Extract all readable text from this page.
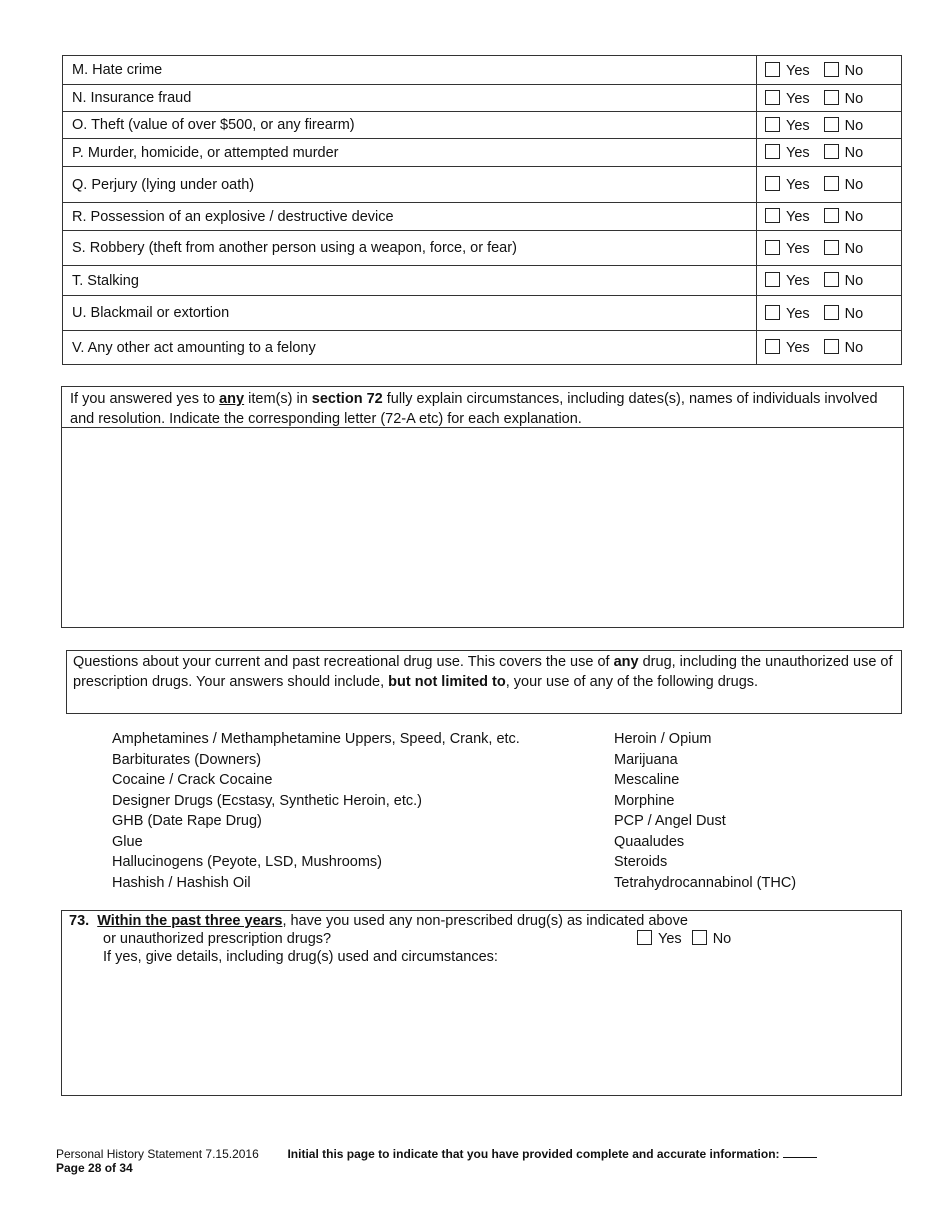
M. Hate crime	Yes No
N. Insurance fraud	Yes No
O. Theft (value of over $500, or any firearm)	Yes No
P. Murder, homicide, or attempted murder	Yes No
Q. Perjury (lying under oath)	Yes No
R. Possession of an explosive / destructive device	Yes No
S. Robbery (theft from another person using a weapon, force, or fear)	Yes No
T. Stalking	Yes No
U. Blackmail or extortion	Yes No
V. Any other act amounting to a felony	Yes No
If you answered yes to any item(s) in section 72 fully explain circumstances, including dates(s), names of individuals involved and resolution. Indicate the corresponding letter (72-A etc) for each explanation.
Questions about your current and past recreational drug use. This covers the use of any drug, including the unauthorized use of prescription drugs. Your answers should include, but not limited to, your use of any of the following drugs.
Amphetamines / Methamphetamine Uppers, Speed, Crank, etc.
Barbiturates (Downers)
Cocaine / Crack Cocaine
Designer Drugs (Ecstasy, Synthetic Heroin, etc.)
GHB (Date Rape Drug)
Glue
Hallucinogens (Peyote, LSD, Mushrooms)
Hashish / Hashish Oil
Heroin / Opium
Marijuana
Mescaline
Morphine
PCP / Angel Dust
Quaaludes
Steroids
Tetrahydrocannabinol (THC)
73. Within the past three years, have you used any non-prescribed drug(s) as indicated above
or unauthorized prescription drugs?	Yes No
If yes, give details, including drug(s) used and circumstances:
Personal History Statement 7.15.2016 Initial this page to indicate that you have provided complete and accurate information:
Page 28 of 34
